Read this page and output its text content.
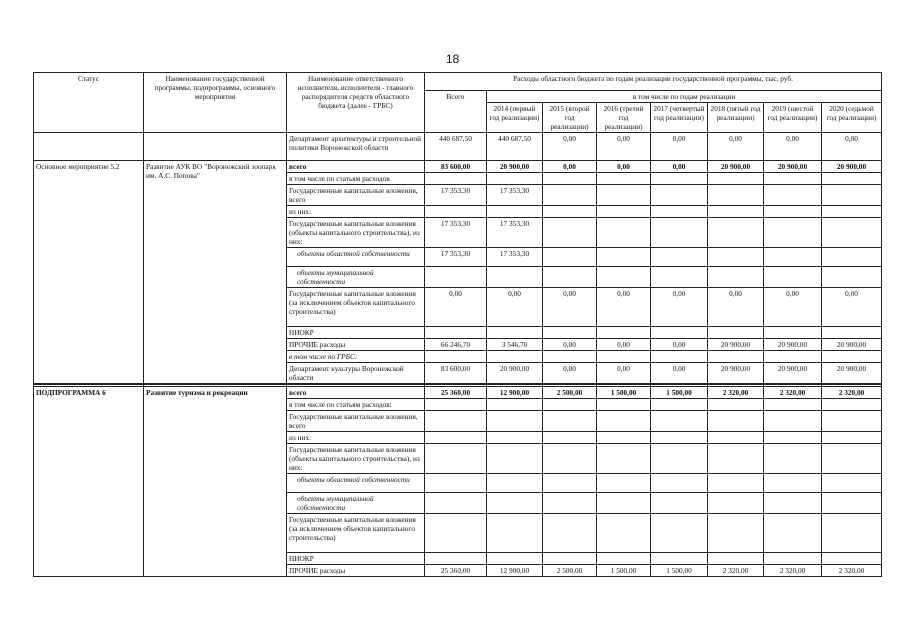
18
Статус	Наименование государственной программы, подпрограммы, основного мероприятия	Наименование ответственного исполнителя, исполнителя - главного распорядителя средств областного бюджета (далее - ГРБС)	Расходы областного бюджета по годам реализации государственной программы, тыс. руб.							
			Всего	в том числе по годам реализации						
				2014 (первый год реализации)	2015 (второй год реализации)	2016 (третий год реализации)	2017 (четвертый год реализации)	2018 (пятый год реализации)	2019 (шестой год реализации)	2020 (седьмой год реализации)
		Департамент архитектуры и строительной политики Воронежской области	440 687,50	440 687,50	0,00	0,00	0,00	0,00	0,00	0,00
Основное мероприятие 5.2	Развитие АУК ВО "Воронежский зоопарк им. А.С. Попова"	всего	83 600,00	20 900,00	0,00	0,00	0,00	20 900,00	20 900,00	20 900,00
		в том числе по статьям расходов								
		Государственные капитальные вложения, всего	17 353,30	17 353,30						
		из них:								
		Государственные капитальные вложения (объекты капитального строительства), из них:	17 353,30	17 353,30						
		объекты областной собственности	17 353,30	17 353,30						
		объекты муниципальной собственности								
		Государственные капитальные вложения (за исключением объектов капитального строительства)	0,00	0,00	0,00	0,00	0,00	0,00	0,00	0,00
		НИОКР								
		ПРОЧИЕ расходы	66 246,70	3 546,70	0,00	0,00	0,00	20 900,00	20 900,00	20 900,00
		в том числе по ГРБС:								
		Департамент культуры Воронежской области	83 600,00	20 900,00	0,00	0,00	0,00	20 900,00	20 900,00	20 900,00

ПОДПРОГРАММА 6	Развитие туризма и рекреации	всего	25 360,00	12 900,00	2 500,00	1 500,00	1 500,00	2 320,00	2 320,00	2 320,00
		в том числе по статьям расходов:								
		Государственные капитальные вложения, всего								
		из них:								
		Государственные капитальные вложения (объекты капитального строительства), из них:								
		объекты областной собственности								
		объекты муниципальной собственности								
		Государственные капитальные вложения (за исключением объектов капитального строительства)								
		НИОКР								
		ПРОЧИЕ расходы	25 360,00	12 900,00	2 500,00	1 500,00	1 500,00	2 320,00	2 320,00	2 320,00
